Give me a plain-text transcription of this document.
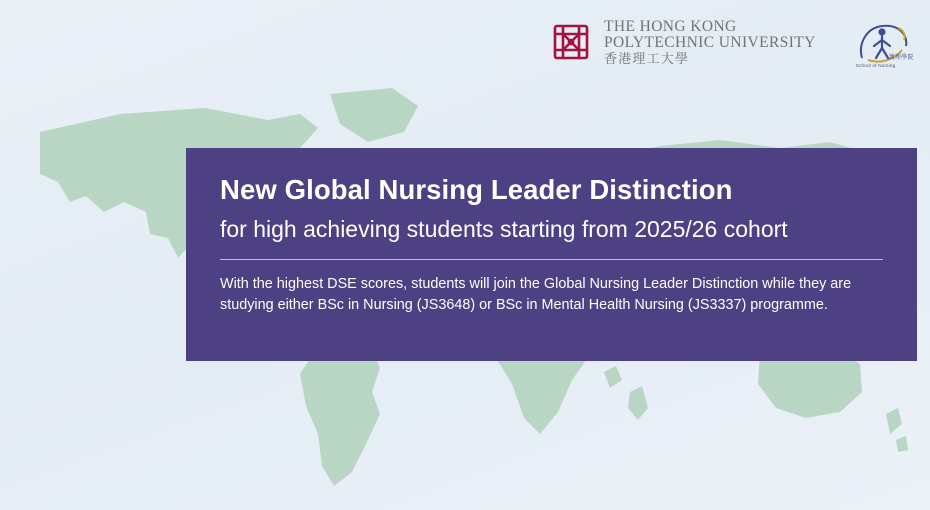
THE HONG KONG
POLYTECHNIC UNIVERSITY
香港理工大學	School of Nursing
護理學院
New Global Nursing Leader Distinction
for high achieving students starting from 2025/26 cohort

With the highest DSE scores, students will join the Global Nursing Leader Distinction while they are studying either BSc in Nursing (JS3648) or BSc in Mental Health Nursing (JS3337) programme.
